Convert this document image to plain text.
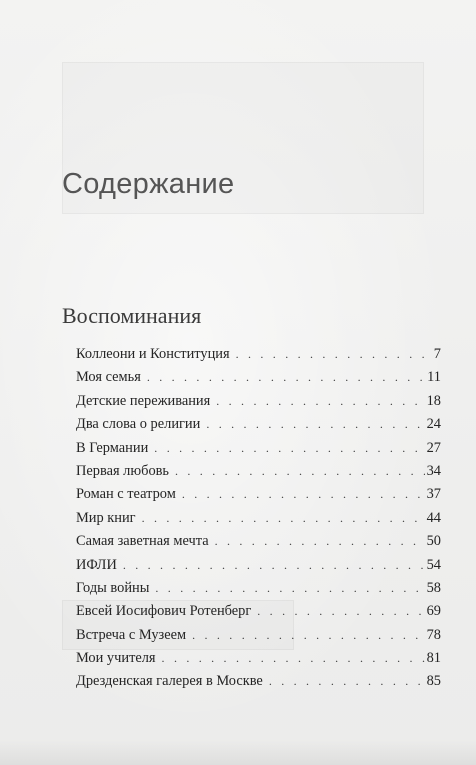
Содержание
Воспоминания
Коллеони и Конституция . . .	7
Моя семья . . .	11
Детские переживания . . .	18
Два слова о религии . . .	24
В Германии . . .	27
Первая любовь . . .	34
Роман с театром . . .	37
Мир книг . . .	44
Самая заветная мечта . . .	50
ИФЛИ . . .	54
Годы войны . . .	58
Евсей Иосифович Ротенберг . . .	69
Встреча с Музеем . . .	78
Мои учителя . . .	81
Дрезденская галерея в Москве . . .	85
